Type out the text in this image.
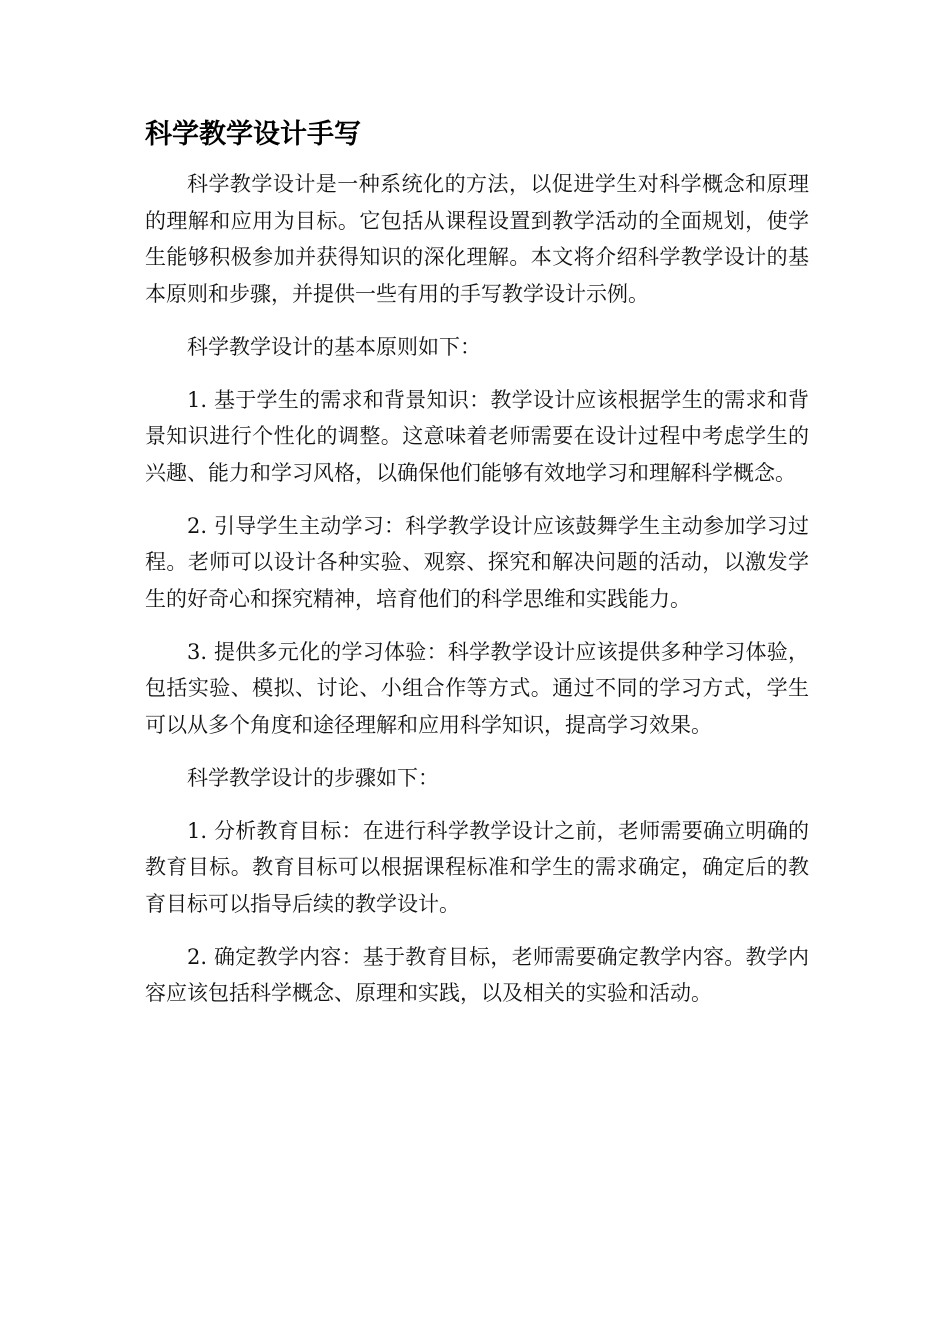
科学教学设计手写

科学教学设计是一种系统化的方法，以促进学生对科学概念和原理的理解和应用为目标。它包括从课程设置到教学活动的全面规划，使学生能够积极参加并获得知识的深化理解。本文将介绍科学教学设计的基本原则和步骤，并提供一些有用的手写教学设计示例。

科学教学设计的基本原则如下：

1. 基于学生的需求和背景知识：教学设计应该根据学生的需求和背景知识进行个性化的调整。这意味着老师需要在设计过程中考虑学生的兴趣、能力和学习风格，以确保他们能够有效地学习和理解科学概念。

2. 引导学生主动学习：科学教学设计应该鼓舞学生主动参加学习过程。老师可以设计各种实验、观察、探究和解决问题的活动，以激发学生的好奇心和探究精神，培育他们的科学思维和实践能力。

3. 提供多元化的学习体验：科学教学设计应该提供多种学习体验，包括实验、模拟、讨论、小组合作等方式。通过不同的学习方式，学生可以从多个角度和途径理解和应用科学知识，提高学习效果。

科学教学设计的步骤如下：

1. 分析教育目标：在进行科学教学设计之前，老师需要确立明确的教育目标。教育目标可以根据课程标准和学生的需求确定，确定后的教育目标可以指导后续的教学设计。

2. 确定教学内容：基于教育目标，老师需要确定教学内容。教学内容应该包括科学概念、原理和实践，以及相关的实验和活动。
